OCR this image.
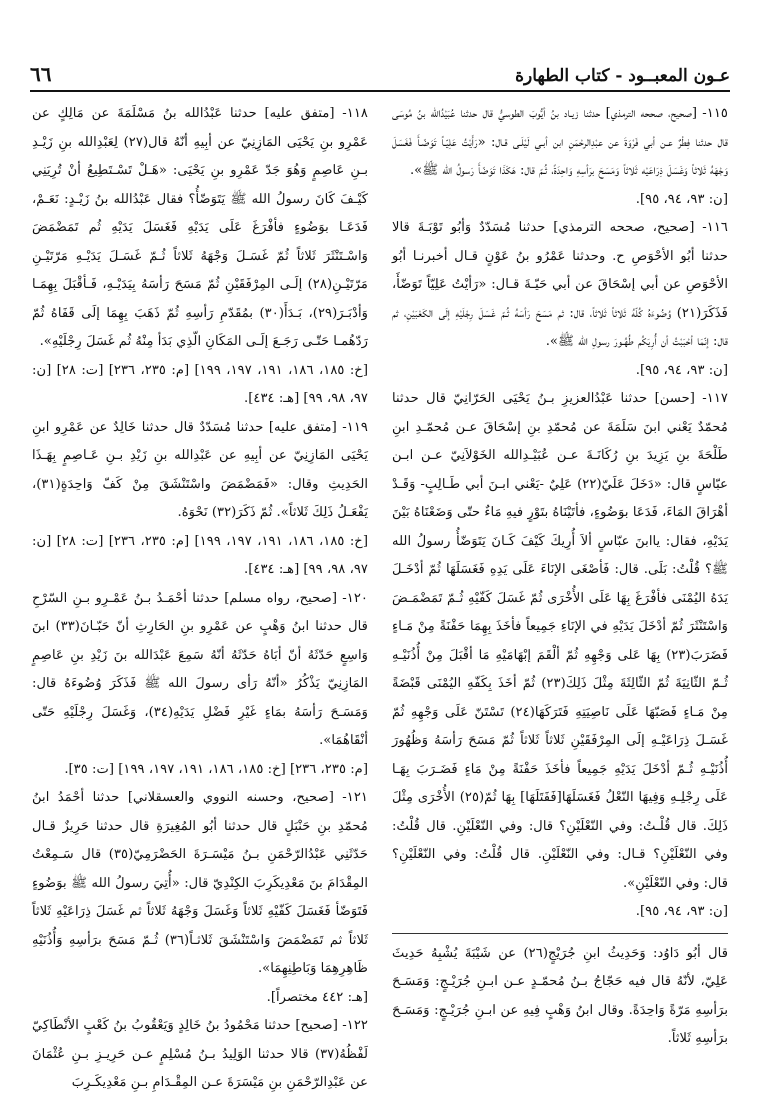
عـون المعبــود - كتاب الطهارة
٦٦

١١٥- [صحيح، صححه الترمذي] حدثنا زيـاد بنُ أيُّوبَ الطوسيُّ قال حدثنا عُبَيْدُالله بنُ مُوسَى قال حدثنا فِطْرٌ عـن أبي فَرْوَةَ عن عبْدِالرحْمَنِ ابن أبـي لَيْلَـى قـال: «رَأَيْتُ عَلِيّـاً تَوَضّـأَ فَغَسَلَ وَجْهَهُ ثَلاثاً وَغَسَلَ ذِرَاعَيْه ثَلاثاً وَمَسَحَ برَأسِهِ وَاحِدَةً، ثُـمّ قال: هَكَذَا تَوَضّأَ رَسولُ الله ﷺ».

[ن: ٩٣، ٩٤، ٩٥].

١١٦- [صحيح، صححه الترمذي] حدثنا مُسَدّدٌ وَأبُو تَوْبَـةَ قالا حدثنا أبُو الأحْوَصِ ح. وحدثنا عَمْرُو بنُ عَوْنٍ قـال أخبرنـا أبُو الأحْوَصِ عن أبي إسْحَاقَ عن أبي حَيّـةَ قـال: «رَأيْتُ عَلِيّاً تَوَضّأَ، فَذَكَرَ(٢١) وُضُوءَهُ كُلّهُ ثَلاثاً ثَلاثاً، قال: ثم مَسَحَ رَأسَهُ ثُـمّ غَسَلَ رِجْلَيْهِ إلَى الكَعْبَيْنِ، ثم قال: إنّمَا أحْبَبْتُ أن أُرِيَكُم طُهُـورَ رسولِ الله ﷺ».

[ن: ٩٣، ٩٤، ٩٥].

١١٧- [حسن] حدثنا عَبْدُالعزيزِ بـنُ يَحْيَى الحَرّانِيّ قال حدثنا مُحمّدٌ يَعْني ابنَ سَلَمَةَ عن مُحمّدِ بنِ إسْحَاقَ عـن مُحمّـدِ ابنِ طَلْحَةَ بنِ يَزِيدَ بنِ رُكَانَـةَ عـن عُبَيْـدِالله الخَوْلاَنِيّ عـن ابـن عبّاسٍ قال: «دَخَلَ عَلَيّ(٢٢) عَلِيٌ -يَعْني ابـنَ أبي طَـالِبٍ- وَقَـدْ أهْرَاقَ المَاءَ، فَدَعَا بوَضُوءٍ، فأتَيْنَاهُ بتَوْرٍ فيهِ مَاءٌ حتّى وَضَعْنَاهُ بَيْنَ يَدَيْهِ، فقال: ياابنَ عبّاسٍ ألاَ أُرِيكَ كَيْفَ كَـانَ يَتَوَضّأُ رسولُ الله ﷺ؟ قُلْتُ: بَلَى. قال: فَأصْغَى الإنَاءَ عَلَى يَدِهِ فَغَسَلَهَا ثُمّ أدْخَـلَ يَدَهُ اليُمْنَى فأفْرَغَ بِهَا عَلَى الأُخْرَى ثُمّ غَسَلَ كَفّيْهِ ثُـمّ تَمَضْمَـضَ وَاسْتَنْثَرَ ثُمّ أدْخَلَ يَدَيْهِ في الإنَاءِ جَمِيعاً فأخَذَ بِهِمَا حَفْنَةً مِنْ مَـاءٍ فَضَرَبَ(٢٣) بِهَا عَلى وَجْهِهِ ثُمّ ألْقَمَ إبْهَامَيْهِ مَا أقْبَلَ مِنْ أُذُنَيْـهِ ثُـمّ الثّانِيَةَ ثُمّ الثّالِثَةَ مِثْلَ ذَلِكَ(٢٣) ثُمّ أخَذَ بِكَفّهِ اليُمْنَى قَبْضَةً مِنْ مَـاءٍ فَصَبّهَا عَلَى نَاصِيَتِهِ فَتَرَكَهَا(٢٤) تَسْتَنّ عَلَى وَجْهِهِ ثُمّ غَسَـلَ ذِرَاعَيْـهِ إلَى المِرْفَقَيْنِ ثَلاثاً ثَلاثاً ثُمّ مَسَحَ رَأسَهُ وَظُهُورَ أُذُنَيْـهِ ثُـمّ أدْخَلَ يَدَيْهِ جَمِيعاً فأخَذَ حَفْنَةً مِنْ مَاءٍ فَضَـرَبَ بِهَـا عَلَى رِجْلِـهِ وَفِيهَا النّعْلُ فَغَسَلَهَا[فَفَتَلَهَا] بِهَا ثُمّ(٢٥) الأُخْرَى مِثْلَ ذَلِكَ. قال قُلْـتُ: وفي النّعْلَيْنِ؟ قال: وفي النّعْلَيْنِ. قال قُلْتُ: وفي النّعْلَيْنِ؟ قـال: وفي النّعْلَيْنِ. قال قُلْتُ: وفي النّعْلَيْنِ؟ قال: وفي النّعْلَيْنِ».

[ن: ٩٣، ٩٤، ٩٥].

قال أبُو دَاوُد: وَحَدِيثُ ابنِ جُرَيْجٍ(٢٦) عن شَيْبَةَ يُشْبِهُ حَدِيثَ عَلِيّ، لأنّهُ قال فيه حَجّاجُ بـنُ مُحمّـدٍ عـن ابـنِ جُرَيْـجٍ: وَمَسَـحَ برَأسِهِ مَرّةً وَاحِدَةً. وقال ابنُ وَهْبٍ فِيهِ عن ابـنِ جُرَيْـجٍ: وَمَسَـحَ برَأسِهِ ثَلاثاً.

١١٨- [متفق عليه] حدثنا عَبْدُالله بنُ مَسْلَمَةَ عن مَالِكٍ عن عَمْرِو بنِ يَحْيَى المَازِنِيّ عن أبِيهِ أنّهُ قال(٢٧) لِعَبْدِالله بنِ زَيْـدِ بـنِ عَاصِمٍ وَهُوَ جَدّ عَمْرِو بنِ يَحْيَى: «هَـلْ تَسْـتَطِيعُ أنْ تُرِيَنِي كَيْـفَ كَانَ رسولُ الله ﷺ يَتَوَضّأُ؟ فقال عَبْدُالله بنُ زَيْـدٍ: نَعَـمْ، فَدَعَـا بوَضُوءٍ فأفْرَغَ عَلَى يَدَيْهِ فَغَسَلَ يَدَيْهِ ثُم تَمَضْمَضَ وَاسْـتَنْثَرَ ثَلاثاً ثُمّ غَسَـلَ وَجْهَهُ ثَلاثاً ثُـمّ غَسَـلَ يَدَيْـهِ مَرّتَيْـنِ مَرّتَيْـنِ(٢٨) إلَـى المِرْفَقَيْنِ ثُمّ مَسَحَ رَأسَهُ بِيَدَيْـهِ، فَـأقْبَلَ بِهِمَـا وَأدْبَـرَ(٢٩)، بَـدَأَ(٣٠) بمُقَدّمِ رَأسِهِ ثُمّ ذَهَبَ بِهِمَا إلَى قَفَاهُ ثُمّ رَدّهُمـا حَتّـى رَجَـعَ إلَـى المَكَانِ الّذِي بَدَأ مِنْهُ ثُم غَسَلَ رِجْلَيْهِ».

[خ: ١٨٥، ١٨٦، ١٩١، ١٩٧، ١٩٩] [م: ٢٣٥، ٢٣٦] [ت: ٢٨] [ن: ٩٧، ٩٨، ٩٩] [هـ: ٤٣٤].

١١٩- [متفق عليه] حدثنا مُسَدّدٌ قال حدثنا خَالِدٌ عن عَمْرِو ابنِ يَحْيَى المَازِنِيّ عن أبِيهِ عن عَبْدِالله بنِ زَيْدِ بـنِ عَـاصِمٍ بِهَـذَا الحَدِيثِ وقال: «فَمَضْمَضَ واسْتَنْشَقَ مِنْ كَفّ وَاحِدَةٍ(٣١)، يَفْعَـلُ ذَلِكَ ثَلاثاً». ثُمّ ذَكَرَ(٣٢) نَحْوَهُ.

[خ: ١٨٥، ١٨٦، ١٩١، ١٩٧، ١٩٩] [م: ٢٣٥، ٢٣٦] [ت: ٢٨] [ن: ٩٧، ٩٨، ٩٩] [هـ: ٤٣٤].

١٢٠- [صحيح، رواه مسلم] حدثنا أحْمَـدُ بـنُ عَمْـرِو بـنِ السّرْحِ قال حدثنا ابنُ وَهْبٍ عن عَمْرِو بنِ الحَارِثِ أنّ حَبّـانَ(٣٣) ابنَ وَاسِعٍ حَدّثَهُ أنّ أبَاهُ حَدّثَهُ أنّهُ سَمِعَ عَبْدَالله بنَ زَيْدِ بنِ عَاصِمٍ المَازِنِيّ يَذْكُرُ «أنّهُ رَأى رسولَ الله ﷺ فَذَكَرَ وُضُوءَهُ قال: وَمَسَـحَ رَأسَهُ بمَاءٍ غَيْرِ فَضْلِ يَدَيْهِ(٣٤)، وَغَسَلَ رِجْلَيْهِ حَتّى أنْقَاهُمَا».

[م: ٢٣٥، ٢٣٦] [خ: ١٨٥، ١٨٦، ١٩١، ١٩٧، ١٩٩] [ت: ٣٥].

١٢١- [صحيح، وحسنه النووي والعسقلاني] حدثنا أحْمَدُ ابنُ مُحمّدِ بنِ حَنْبَلٍ قال حدثنا أبُو المُغِيرَةِ قال حدثنا حَرِيزٌ قـال حَدّثَنِي عَبْدُالرّحْمَنِ بـنُ مَيْسَـرَةَ الحَضْرَمِيّ(٣٥) قال سَـمِعْتُ المِقْدَامَ بنَ مَعْدِيكَرِبَ الكِنْدِيّ قال: «أُتِيَ رسولُ الله ﷺ بوَضُوءٍ فَتَوَضّأ فَغَسَلَ كَفّيْهِ ثَلاثاً وَغَسَلَ وَجْهَهُ ثَلاثاً ثم غَسَلَ ذِرَاعَيْهِ ثَلاثاً ثَلاثاً ثم تَمَضْمَضَ وَاسْتَنْشَقَ ثَلاثـاً(٣٦) ثُـمّ مَسَحَ برَأسِهِ وَأُذُنَيْهِ ظَاهِرِهِمَا وَبَاطِنِهِمَا».

[هـ: ٤٤٢ مختصراً].

١٢٢- [صحيح] حدثنا مَحْمُودُ بنُ خَالِدٍ وَيَعْقُوبُ بنُ كَعْبٍ الأنْطَاكِيّ لَفْظُهُ(٣٧) قالا حدثنا الوَلِيدُ بـنُ مُسْلِمٍ عـن حَرِيـزِ بـنِ عُثْمَانَ عن عَبْدِالرّحْمَنِ بنِ مَيْسَرَةَ عـن المِقْـدَامِ بـنِ مَعْدِيكَـرِبَ
